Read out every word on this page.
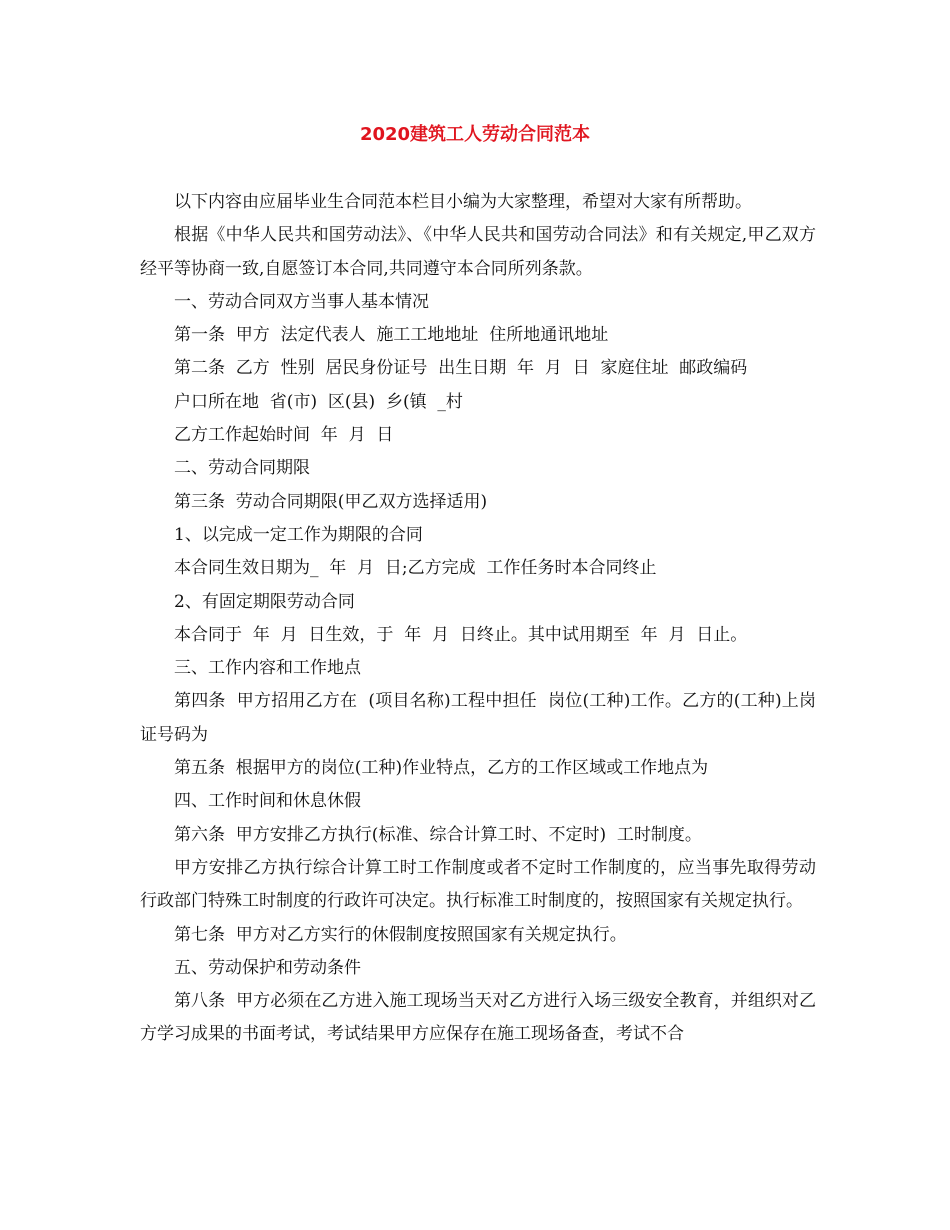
2020建筑工人劳动合同范本

以下内容由应届毕业生合同范本栏目小编为大家整理，希望对大家有所帮助。

根据《中华人民共和国劳动法》、《中华人民共和国劳动合同法》和有关规定,甲乙双方经平等协商一致,自愿签订本合同,共同遵守本合同所列条款。

一、劳动合同双方当事人基本情况

第一条  甲方  法定代表人  施工工地地址  住所地通讯地址

第二条  乙方  性别  居民身份证号  出生日期  年  月  日  家庭住址  邮政编码

户口所在地  省(市)  区(县)  乡(镇  _村

乙方工作起始时间  年  月  日

二、劳动合同期限

第三条  劳动合同期限(甲乙双方选择适用)

1、以完成一定工作为期限的合同

本合同生效日期为_  年  月  日;乙方完成  工作任务时本合同终止

2、有固定期限劳动合同

本合同于  年  月  日生效，于  年  月  日终止。其中试用期至  年  月  日止。

三、工作内容和工作地点

第四条  甲方招用乙方在  (项目名称)工程中担任  岗位(工种)工作。乙方的(工种)上岗证号码为

第五条  根据甲方的岗位(工种)作业特点，乙方的工作区域或工作地点为

四、工作时间和休息休假

第六条  甲方安排乙方执行(标准、综合计算工时、不定时)  工时制度。

甲方安排乙方执行综合计算工时工作制度或者不定时工作制度的，应当事先取得劳动行政部门特殊工时制度的行政许可决定。执行标准工时制度的，按照国家有关规定执行。

第七条  甲方对乙方实行的休假制度按照国家有关规定执行。

五、劳动保护和劳动条件

第八条  甲方必须在乙方进入施工现场当天对乙方进行入场三级安全教育，并组织对乙方学习成果的书面考试，考试结果甲方应保存在施工现场备查，考试不合
